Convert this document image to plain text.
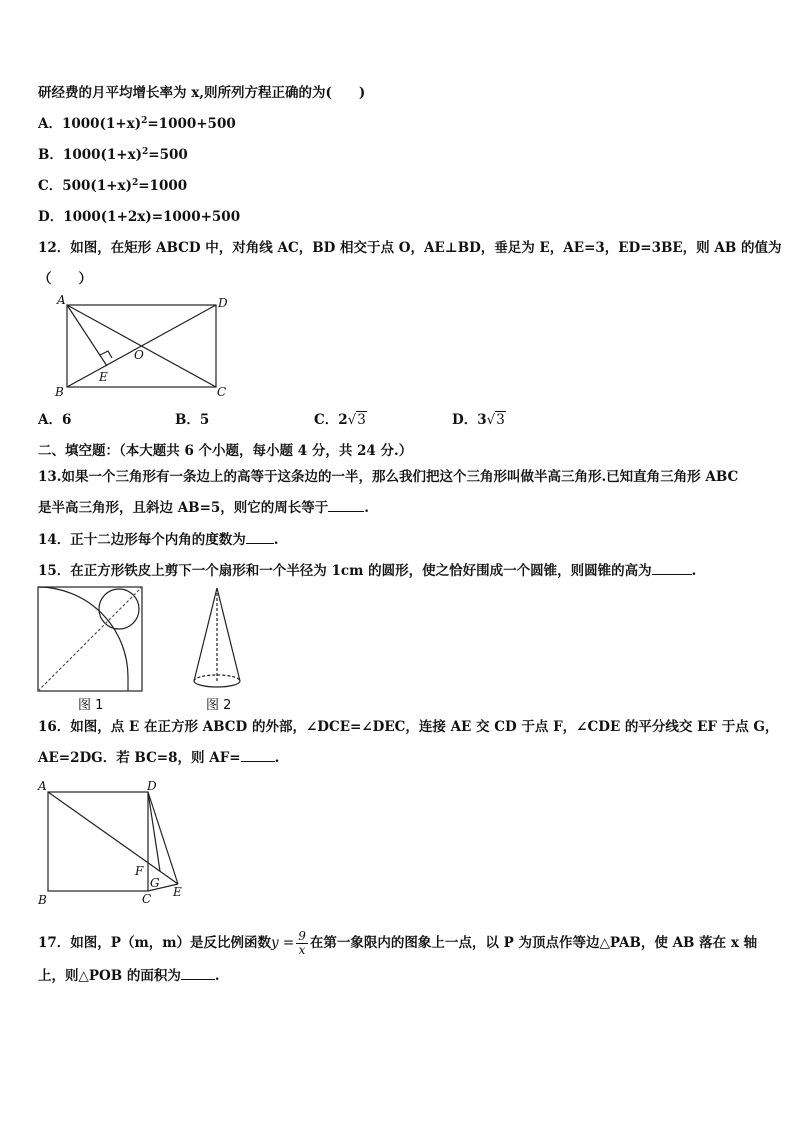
研经费的月平均增长率为 x,则所列方程正确的为(　　)
A．$1000(1+x)^2=1000+500$
B．$1000(1+x)^2=500$
C．$500(1+x)^2=1000$
D．1000(1+2x)=1000+500
12．如图，在矩形 ABCD 中，对角线 AC，BD 相交于点 O，AE⊥BD，垂足为 E，AE=3，ED=3BE，则 AB 的值为
（　　）
A	D
B	C
E
O
A．6	B．5	C．2√3	D．3√3
二、填空题：（本大题共 6 个小题，每小题 4 分，共 24 分.）
13.如果一个三角形有一条边上的高等于这条边的一半，那么我们把这个三角形叫做半高三角形.已知直角三角形 ABC
是半高三角形，且斜边 AB=5，则它的周长等于	.
14．正十二边形每个内角的度数为 .
15．在正方形铁皮上剪下一个扇形和一个半径为 1cm 的圆形，使之恰好围成一个圆锥，则圆锥的高为	.
图 1	图 2
16．如图，点 E 在正方形 ABCD 的外部，∠DCE=∠DEC，连接 AE 交 CD 于点 F，∠CDE 的平分线交 EF 于点 G，
AE=2DG．若 BC=8，则 AF=	.
A	D
B	C E
F
G
17．如图，P（m，m）是反比例函数$y = \frac{9}{x}$ 在第一象限内的图象上一点，以 P 为顶点作等边△PAB，使 AB 落在 x 轴
上，则△POB 的面积为	.
